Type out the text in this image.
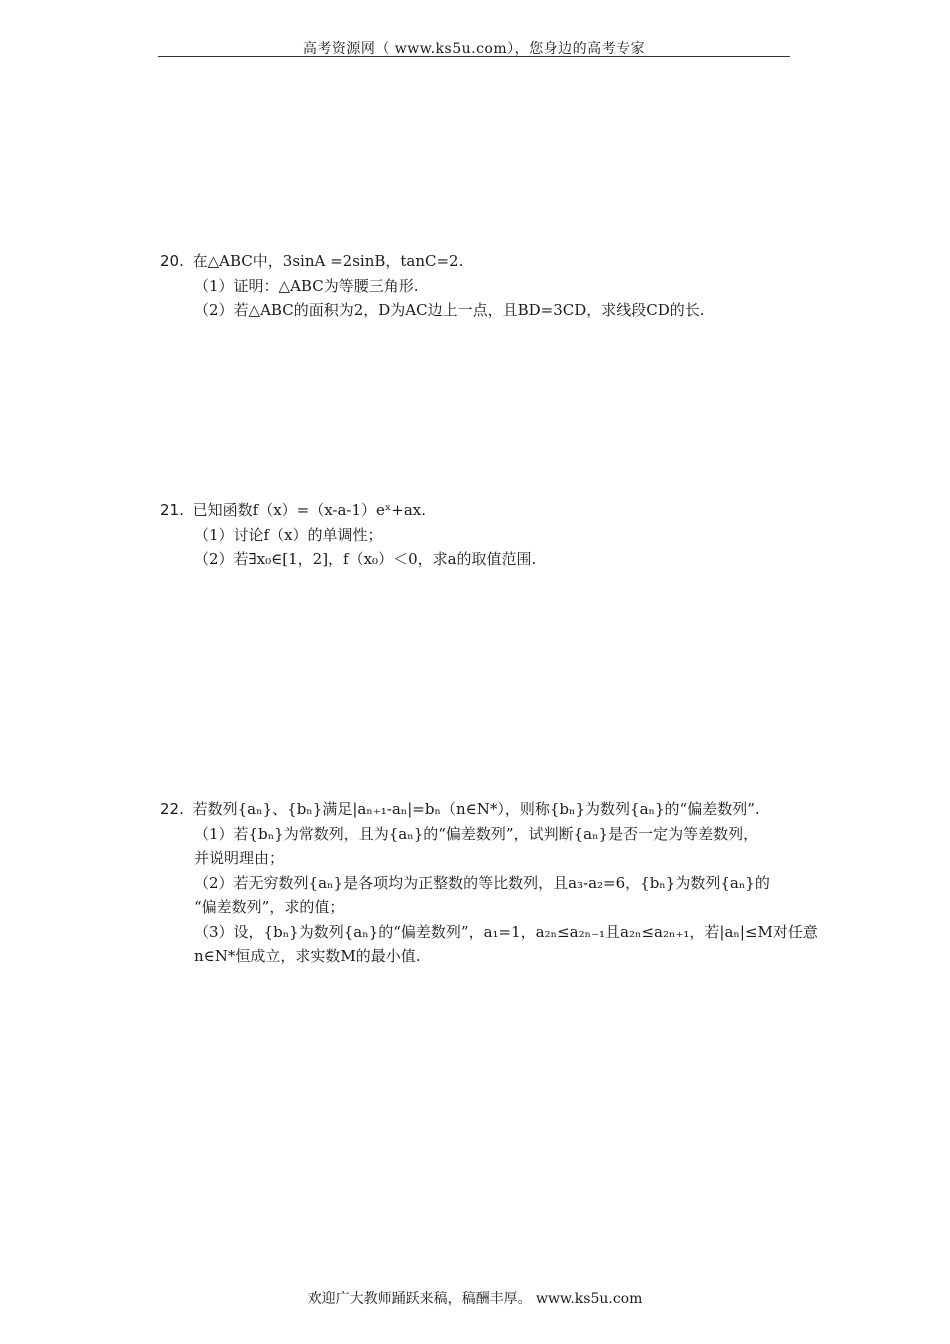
高考资源网（ www.ks5u.com），您身边的高考专家
20. 在△ABC中，3sinA =2sinB，tanC=2.
（1）证明：△ABC为等腰三角形.
（2）若△ABC的面积为2，D为AC边上一点，且BD=3CD，求线段CD的长.
21. 已知函数f（x）=（x-a-1）eˣ+ax.
（1）讨论f（x）的单调性；
（2）若∃x₀∈[1，2]，f（x₀）＜0，求a的取值范围.
22. 若数列{aₙ}、{bₙ}满足|aₙ₊₁-aₙ|=bₙ（n∈N*），则称{bₙ}为数列{aₙ}的“偏差数列”.
（1）若{bₙ}为常数列，且为{aₙ}的“偏差数列”，试判断{aₙ}是否一定为等差数列，
并说明理由；
（2）若无穷数列{aₙ}是各项均为正整数的等比数列，且a₃-a₂=6，{bₙ}为数列{aₙ}的
“偏差数列”，求的值；
（3）设，{bₙ}为数列{aₙ}的“偏差数列”，a₁=1，a₂ₙ≤a₂ₙ₋₁且a₂ₙ≤a₂ₙ₊₁，若|aₙ|≤M对任意
n∈N*恒成立，求实数M的最小值.
欢迎广大教师踊跃来稿，稿酬丰厚。 www.ks5u.com
